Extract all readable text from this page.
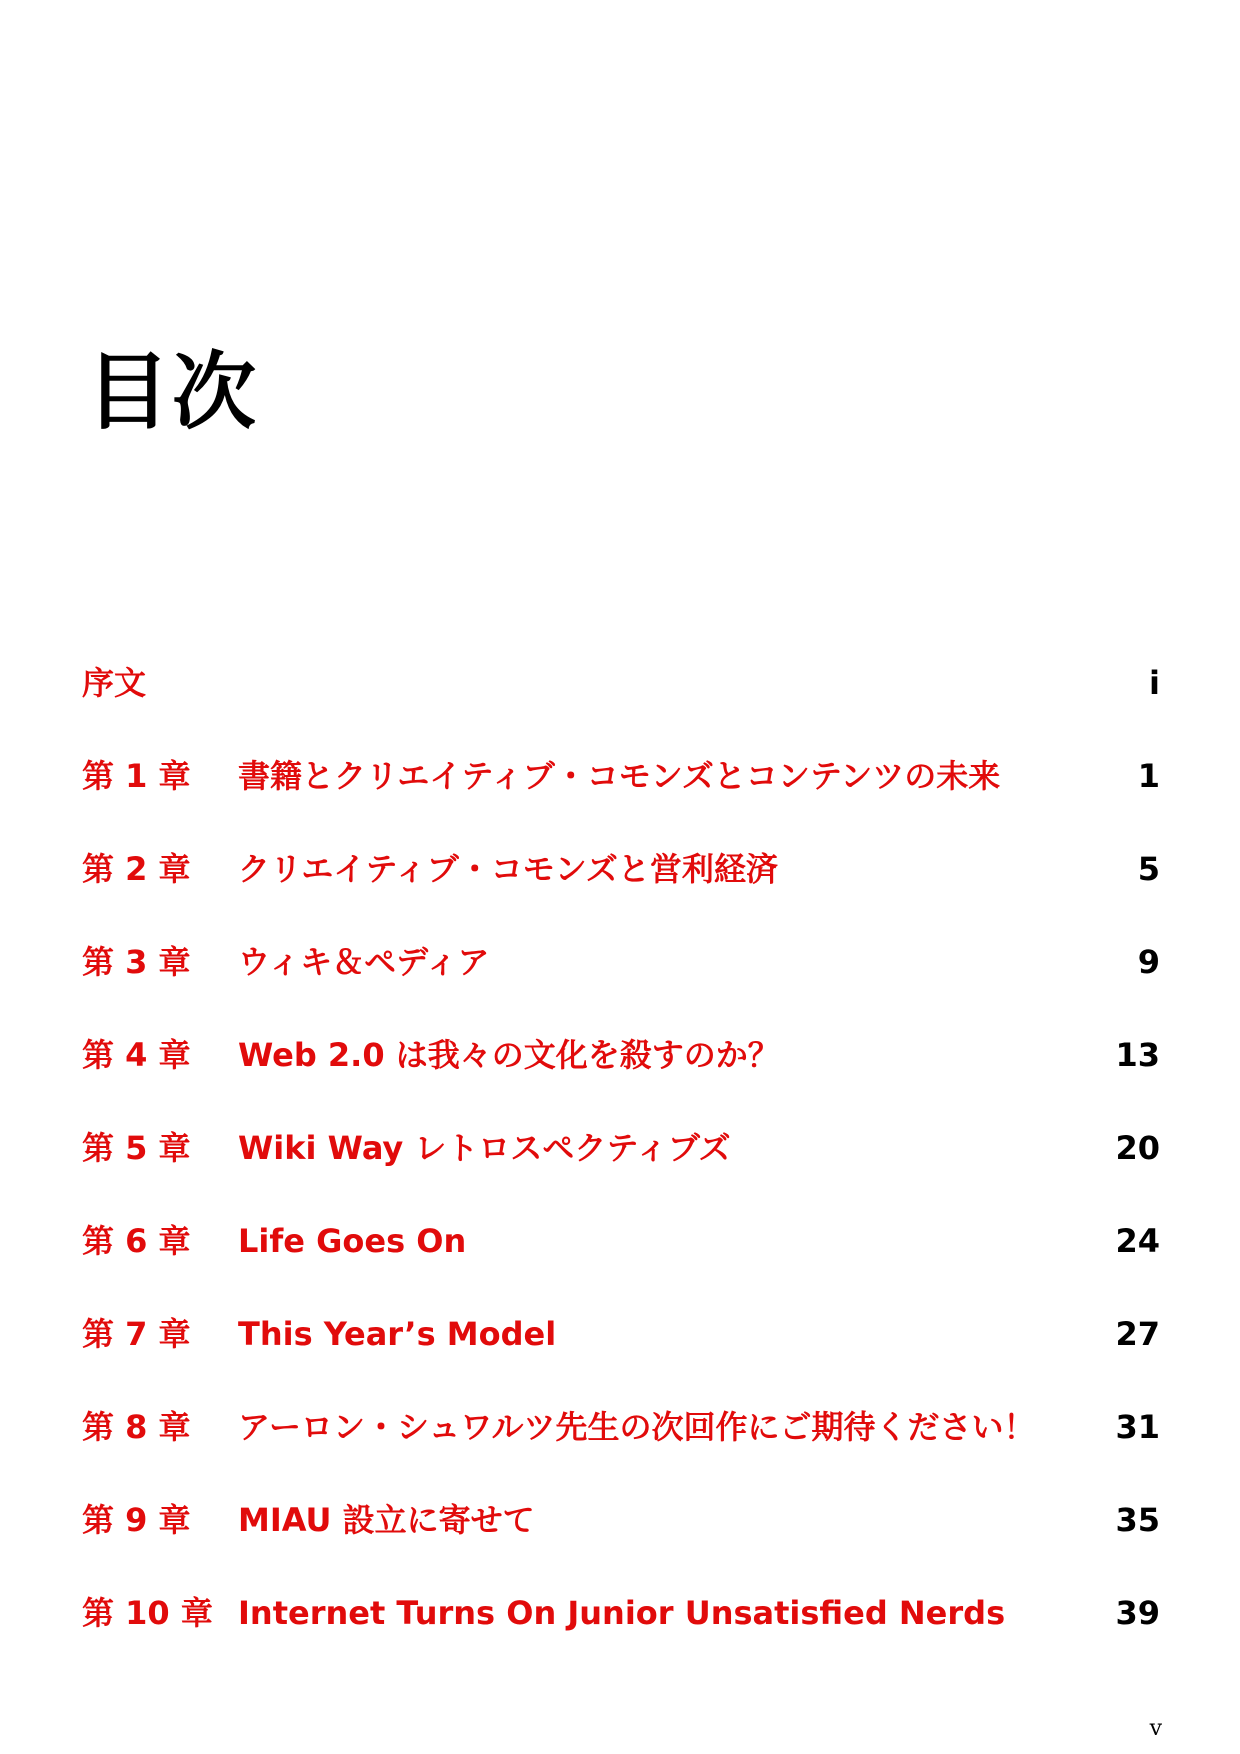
目次
序文	i
第 1 章 書籍とクリエイティブ・コモンズとコンテンツの未来	1
第 2 章 クリエイティブ・コモンズと営利経済	5
第 3 章 ウィキ＆ペディア	9
第 4 章 Web 2.0 は我々の文化を殺すのか？	13
第 5 章 Wiki Way レトロスペクティブズ	20
第 6 章 Life Goes On	24
第 7 章 This Year’s Model	27
第 8 章 アーロン・シュワルツ先生の次回作にご期待ください！	31
第 9 章 MIAU 設立に寄せて	35
第 10 章 Internet Turns On Junior Unsatisfied Nerds	39
v
